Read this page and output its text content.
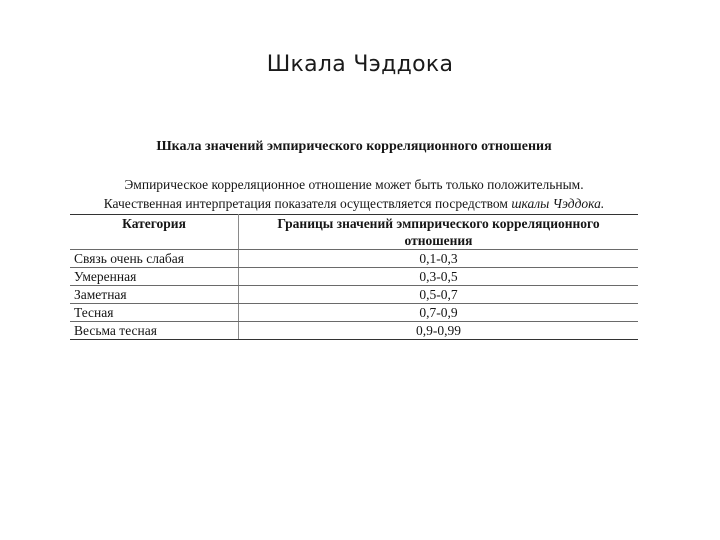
Шкала Чэддока
Шкала значений эмпирического корреляционного отношения
Эмпирическое корреляционное отношение может быть только положительным.
Качественная интерпретация показателя осуществляется посредством шкалы Чэддока.
Категория	Границы значений эмпирического корреляционного отношения
Связь очень слабая	0,1-0,3
Умеренная	0,3-0,5
Заметная	0,5-0,7
Тесная	0,7-0,9
Весьма тесная	0,9-0,99
